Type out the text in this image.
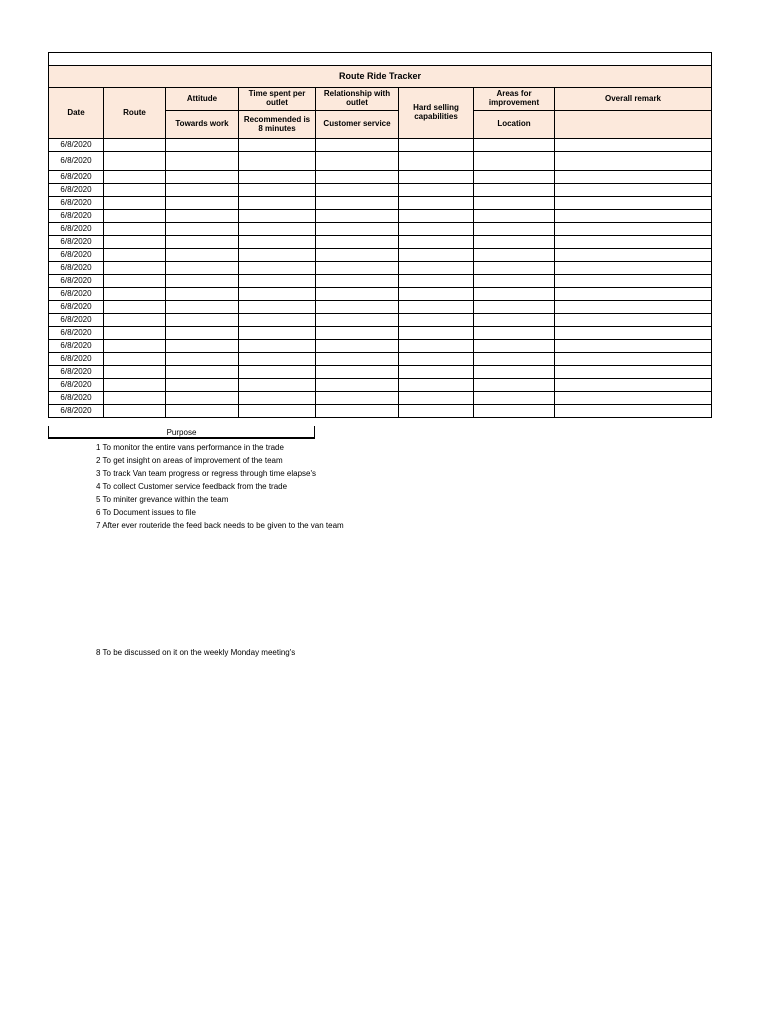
Route Ride Tracker							
Date	Route	Attitude	Time spent per outlet	Relationship with outlet	Hard selling capabilities	Areas for improvement	Overall remark
		Towards work	Recommended is 8 minutes	Customer service		Location	
6/8/2020							
6/8/2020							
6/8/2020							
6/8/2020							
6/8/2020							
6/8/2020							
6/8/2020							
6/8/2020							
6/8/2020							
6/8/2020							
6/8/2020							
6/8/2020							
6/8/2020							
6/8/2020							
6/8/2020							
6/8/2020							
6/8/2020							
6/8/2020							
6/8/2020							
6/8/2020							
6/8/2020							
Purpose
1 To monitor the entire vans performance in the trade
2 To get insight on areas of improvement of the team
3 To track Van team progress or regress through time elapse's
4 To collect Customer service feedback from the trade
5 To miniter grevance within the team
6 To Document issues to file
7 After ever routeride the feed back needs to be given to the van team
8 To be discussed on it on the weekly Monday meeting's
